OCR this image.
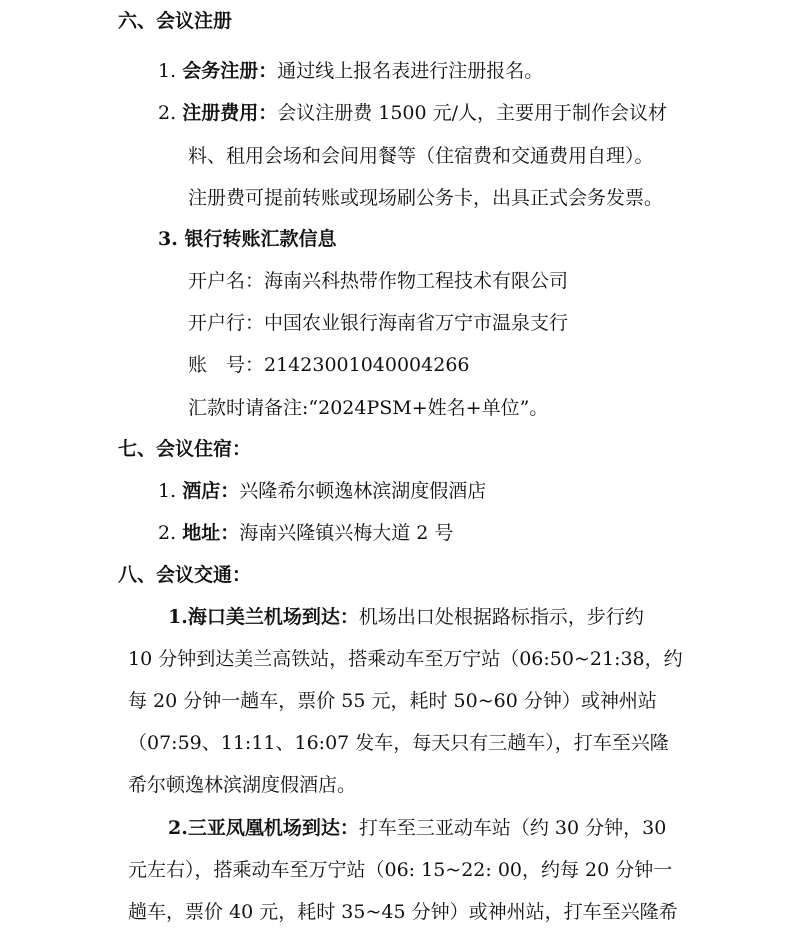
六、会议注册
1. 会务注册：通过线上报名表进行注册报名。
2. 注册费用：会议注册费 1500 元/人，主要用于制作会议材
料、租用会场和会间用餐等（住宿费和交通费用自理）。
注册费可提前转账或现场刷公务卡，出具正式会务发票。
3. 银行转账汇款信息
开户名：海南兴科热带作物工程技术有限公司
开户行：中国农业银行海南省万宁市温泉支行
账　号：21423001040004266
汇款时请备注:“2024PSM+姓名+单位”。
七、会议住宿：
1. 酒店：兴隆希尔顿逸林滨湖度假酒店
2. 地址：海南兴隆镇兴梅大道 2 号
八、会议交通：
1.海口美兰机场到达：机场出口处根据路标指示，步行约
10 分钟到达美兰高铁站，搭乘动车至万宁站（06:50~21:38，约
每 20 分钟一趟车，票价 55 元，耗时 50~60 分钟）或神州站
（07:59、11:11、16:07 发车，每天只有三趟车），打车至兴隆
希尔顿逸林滨湖度假酒店。
2.三亚凤凰机场到达：打车至三亚动车站（约 30 分钟，30
元左右），搭乘动车至万宁站（06: 15~22: 00，约每 20 分钟一
趟车，票价 40 元，耗时 35~45 分钟）或神州站，打车至兴隆希
